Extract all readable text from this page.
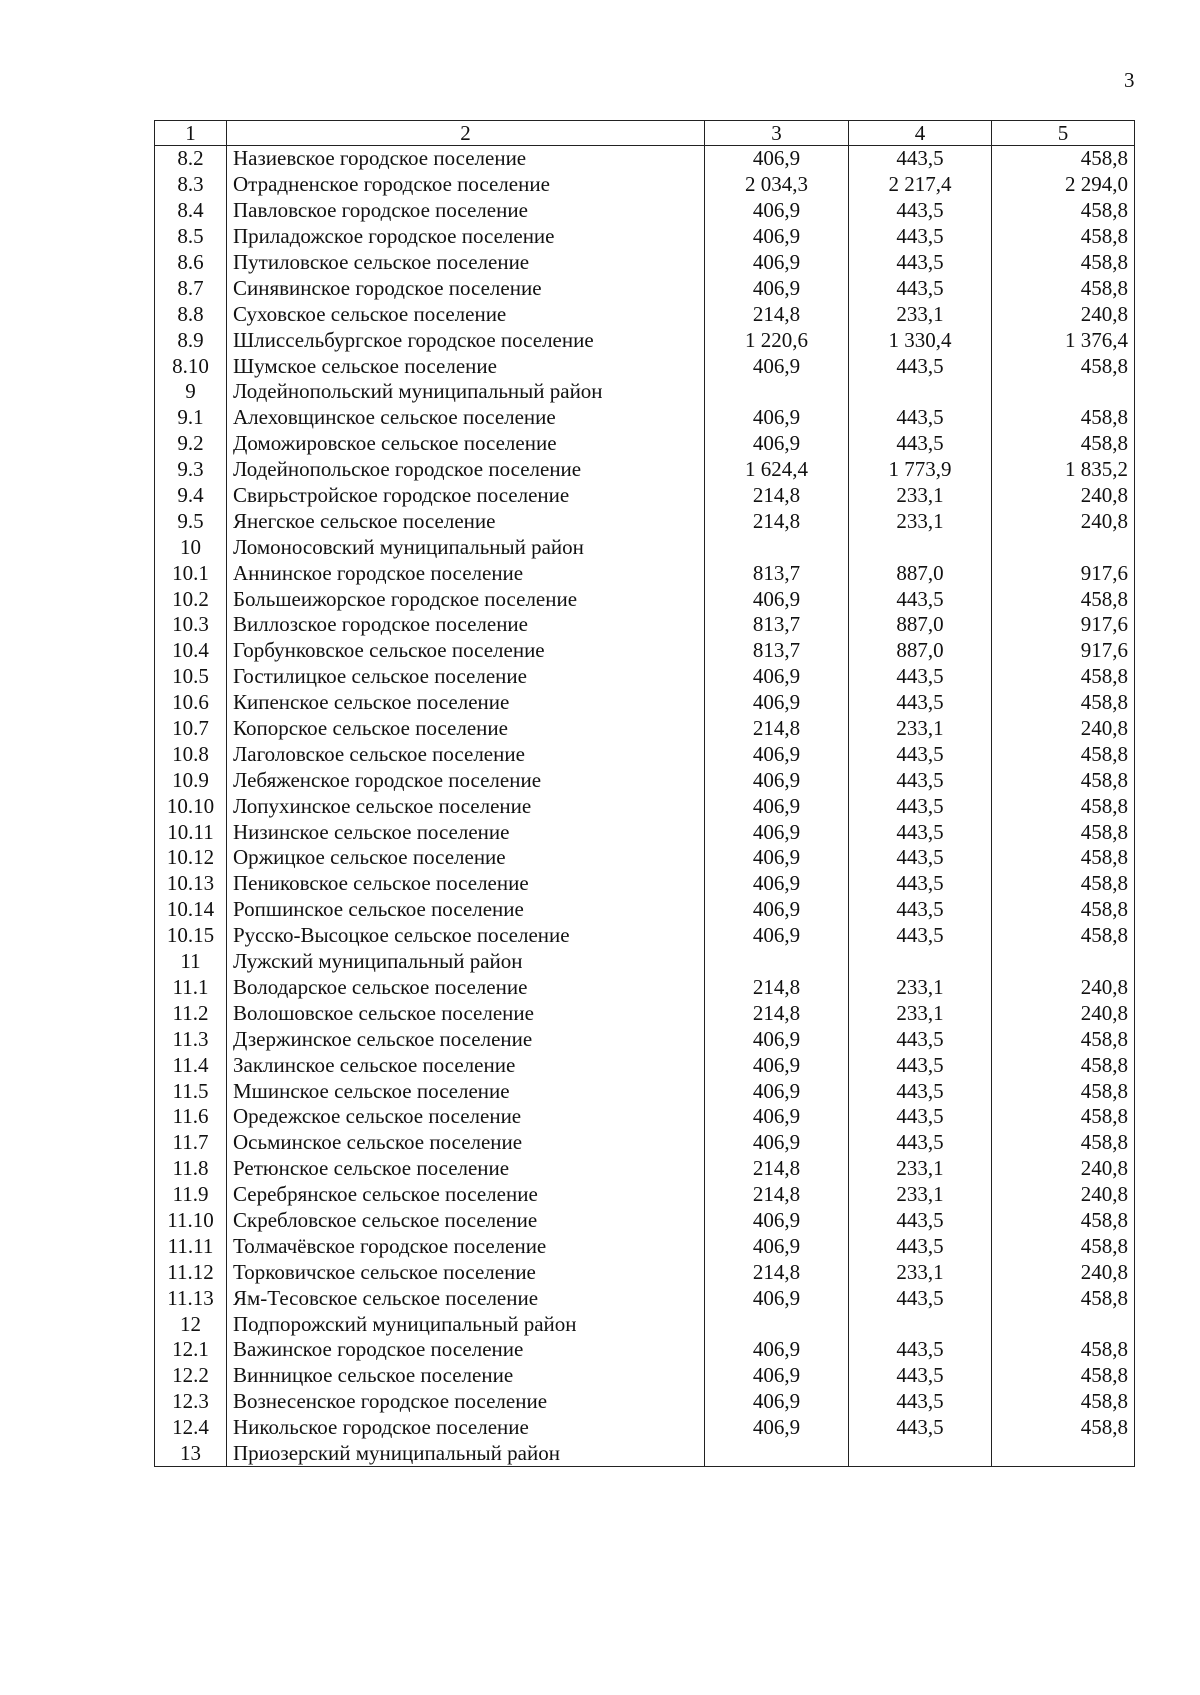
3
1	2	3	4	5
8.2	Назиевское городское поселение	406,9	443,5	458,8
8.3	Отрадненское городское поселение	2 034,3	2 217,4	2 294,0
8.4	Павловское городское поселение	406,9	443,5	458,8
8.5	Приладожское городское поселение	406,9	443,5	458,8
8.6	Путиловское сельское поселение	406,9	443,5	458,8
8.7	Синявинское городское поселение	406,9	443,5	458,8
8.8	Суховское сельское поселение	214,8	233,1	240,8
8.9	Шлиссельбургское городское поселение	1 220,6	1 330,4	1 376,4
8.10	Шумское сельское поселение	406,9	443,5	458,8
9	Лодейнопольский муниципальный район			
9.1	Алеховщинское сельское поселение	406,9	443,5	458,8
9.2	Доможировское сельское поселение	406,9	443,5	458,8
9.3	Лодейнопольское городское поселение	1 624,4	1 773,9	1 835,2
9.4	Свирьстройское городское поселение	214,8	233,1	240,8
9.5	Янегское сельское поселение	214,8	233,1	240,8
10	Ломоносовский муниципальный район			
10.1	Аннинское городское поселение	813,7	887,0	917,6
10.2	Большеижорское городское поселение	406,9	443,5	458,8
10.3	Виллозское городское поселение	813,7	887,0	917,6
10.4	Горбунковское сельское поселение	813,7	887,0	917,6
10.5	Гостилицкое сельское поселение	406,9	443,5	458,8
10.6	Кипенское сельское поселение	406,9	443,5	458,8
10.7	Копорское сельское поселение	214,8	233,1	240,8
10.8	Лаголовское сельское поселение	406,9	443,5	458,8
10.9	Лебяженское городское поселение	406,9	443,5	458,8
10.10	Лопухинское сельское поселение	406,9	443,5	458,8
10.11	Низинское сельское поселение	406,9	443,5	458,8
10.12	Оржицкое сельское поселение	406,9	443,5	458,8
10.13	Пениковское сельское поселение	406,9	443,5	458,8
10.14	Ропшинское сельское поселение	406,9	443,5	458,8
10.15	Русско-Высоцкое сельское поселение	406,9	443,5	458,8
11	Лужский муниципальный район			
11.1	Володарское сельское поселение	214,8	233,1	240,8
11.2	Волошовское сельское поселение	214,8	233,1	240,8
11.3	Дзержинское сельское поселение	406,9	443,5	458,8
11.4	Заклинское сельское поселение	406,9	443,5	458,8
11.5	Мшинское сельское поселение	406,9	443,5	458,8
11.6	Оредежское сельское поселение	406,9	443,5	458,8
11.7	Осьминское сельское поселение	406,9	443,5	458,8
11.8	Ретюнское сельское поселение	214,8	233,1	240,8
11.9	Серебрянское сельское поселение	214,8	233,1	240,8
11.10	Скребловское сельское поселение	406,9	443,5	458,8
11.11	Толмачёвское городское поселение	406,9	443,5	458,8
11.12	Торковичское сельское поселение	214,8	233,1	240,8
11.13	Ям-Тесовское сельское поселение	406,9	443,5	458,8
12	Подпорожский муниципальный район			
12.1	Важинское городское поселение	406,9	443,5	458,8
12.2	Винницкое сельское поселение	406,9	443,5	458,8
12.3	Вознесенское городское поселение	406,9	443,5	458,8
12.4	Никольское городское поселение	406,9	443,5	458,8
13	Приозерский муниципальный район			
